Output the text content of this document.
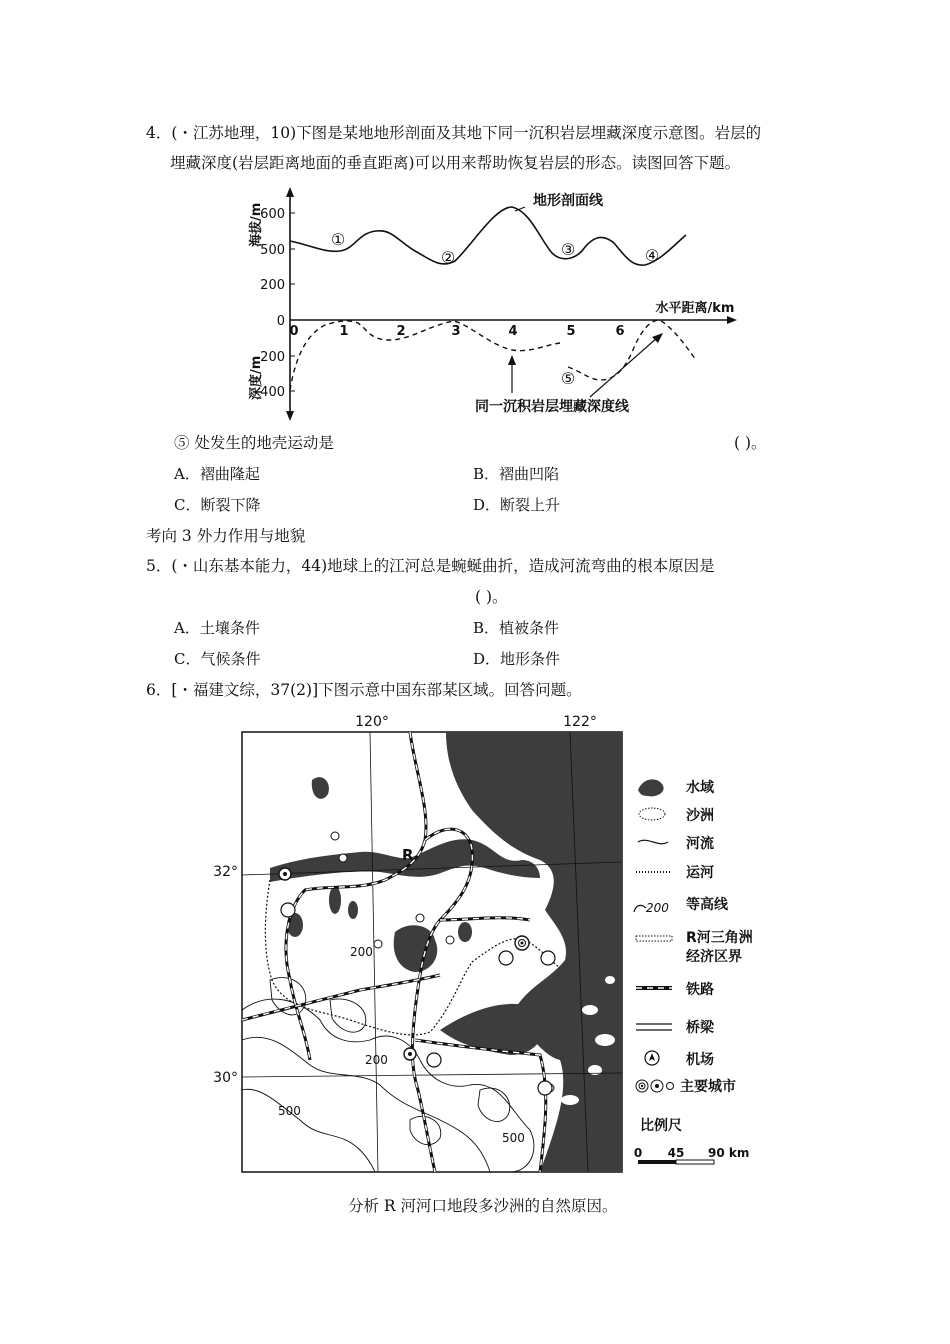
4．(・江苏地理，10)下图是某地地形剖面及其地下同一沉积岩层埋藏深度示意图。岩层的
埋藏深度(岩层距离地面的垂直距离)可以用来帮助恢复岩层的形态。读图回答下题。
600
500
200
0
200
400
海拔/m
深度/m
0	1	2	3	4	5	6
水平距离/km
地形剖面线
①
②	③	④
⑤
同一沉积岩层埋藏深度线
⑤ 处发生的地壳运动是	( )。
A．褶曲隆起	B．褶曲凹陷
C．断裂下降	D．断裂上升
考向 3 外力作用与地貌
5．(・山东基本能力，44)地球上的江河总是蜿蜒曲折，造成河流弯曲的根本原因是
( )。
A．土壤条件	B．植被条件
C．气候条件	D．地形条件
6．[・福建文综，37(2)]下图示意中国东部某区域。回答问题。
120°	122°
32°
30°
200
200
500
500
R
水域
沙洲
河流
运河
200 等高线
R河三角洲
经济区界
铁路
桥梁
机场
主要城市
比例尺
0 45 90 km
分析 R 河河口地段多沙洲的自然原因。
